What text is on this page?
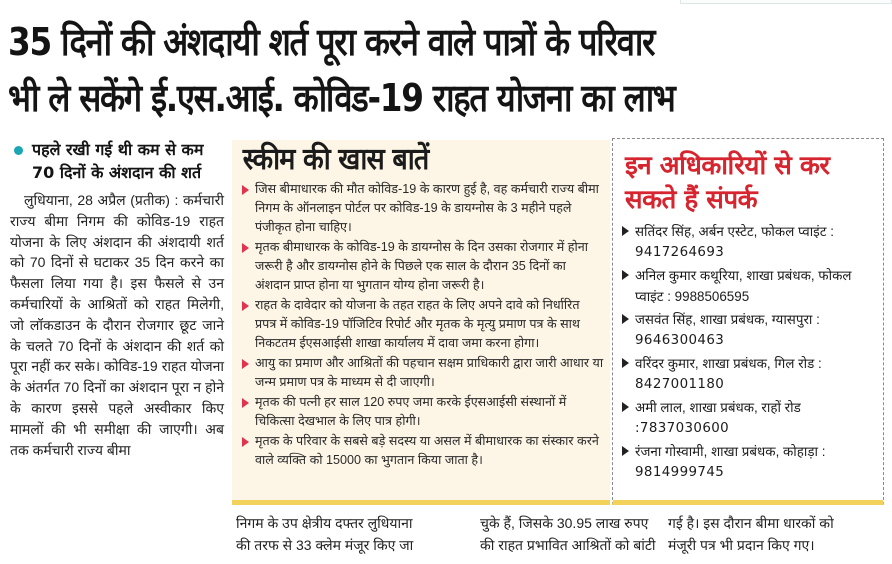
35 दिनों की अंशदायी शर्त पूरा करने वाले पात्रों के परिवार
भी ले सकेंगे ई.एस.आई. कोविड-19 राहत योजना का लाभ
पहले रखी गई थी कम से कम 70 दिनों के अंशदान की शर्त

लुधियाना, 28 अप्रैल (प्रतीक) : कर्मचारी राज्य बीमा निगम की कोविड-19 राहत योजना के लिए अंशदान की अंशदायी शर्त को 70 दिनों से घटाकर 35 दिन करने का फैसला लिया गया है। इस फैसले से उन कर्मचारियों के आश्रितों को राहत मिलेगी, जो लॉकडाउन के दौरान रोजगार छूट जाने के चलते 70 दिनों के अंशदान की शर्त को पूरा नहीं कर सके। कोविड-19 राहत योजना के अंतर्गत 70 दिनों का अंशदान पूरा न होने के कारण इससे पहले अस्वीकार किए मामलों की भी समीक्षा की जाएगी। अब तक कर्मचारी राज्य बीमा

स्कीम की खास बातें
जिस बीमाधारक की मौत कोविड-19 के कारण हुई है, वह कर्मचारी राज्य बीमा निगम के ऑनलाइन पोर्टल पर कोविड-19 के डायग्नोस के 3 महीने पहले पंजीकृत होना चाहिए।
मृतक बीमाधारक के कोविड-19 के डायग्नोस के दिन उसका रोजगार में होना जरूरी है और डायग्नोस होने के पिछले एक साल के दौरान 35 दिनों का अंशदान प्राप्त होना या भुगतान योग्य होना जरूरी है।
राहत के दावेदार को योजना के तहत राहत के लिए अपने दावे को निर्धारित प्रपत्र में कोविड-19 पॉजिटिव रिपोर्ट और मृतक के मृत्यु प्रमाण पत्र के साथ निकटतम ईएसआईसी शाखा कार्यालय में दावा जमा करना होगा।
आयु का प्रमाण और आश्रितों की पहचान सक्षम प्राधिकारी द्वारा जारी आधार या जन्म प्रमाण पत्र के माध्यम से दी जाएगी।
मृतक की पत्नी हर साल 120 रुपए जमा करके ईएसआईसी संस्थानों में चिकित्सा देखभाल के लिए पात्र होगी।
मृतक के परिवार के सबसे बड़े सदस्य या असल में बीमाधारक का संस्कार करने वाले व्यक्ति को 15000 का भुगतान किया जाता है।
इन अधिकारियों से कर सकते हैं संपर्क
सतिंदर सिंह, अर्बन एस्टेट, फोकल प्वाइंट :
9417264693
अनिल कुमार कथूरिया, शाखा प्रबंधक, फोकल प्वाइंट : 9988506595
जसवंत सिंह, शाखा प्रबंधक, ग्यासपुरा :
9646300463
वरिंदर कुमार, शाखा प्रबंधक, गिल रोड :
8427001180
अमी लाल, शाखा प्रबंधक, राहों रोड
:7837030600
रंजना गोस्वामी, शाखा प्रबंधक, कोहाड़ा :
9814999745
निगम के उप क्षेत्रीय दफ्तर लुधियाना
की तरफ से 33 क्लेम मंजूर किए जा
चुके हैं, जिसके 30.95 लाख रुपए
की राहत प्रभावित आश्रितों को बांटी
गई है। इस दौरान बीमा धारकों को
मंजूरी पत्र भी प्रदान किए गए।
